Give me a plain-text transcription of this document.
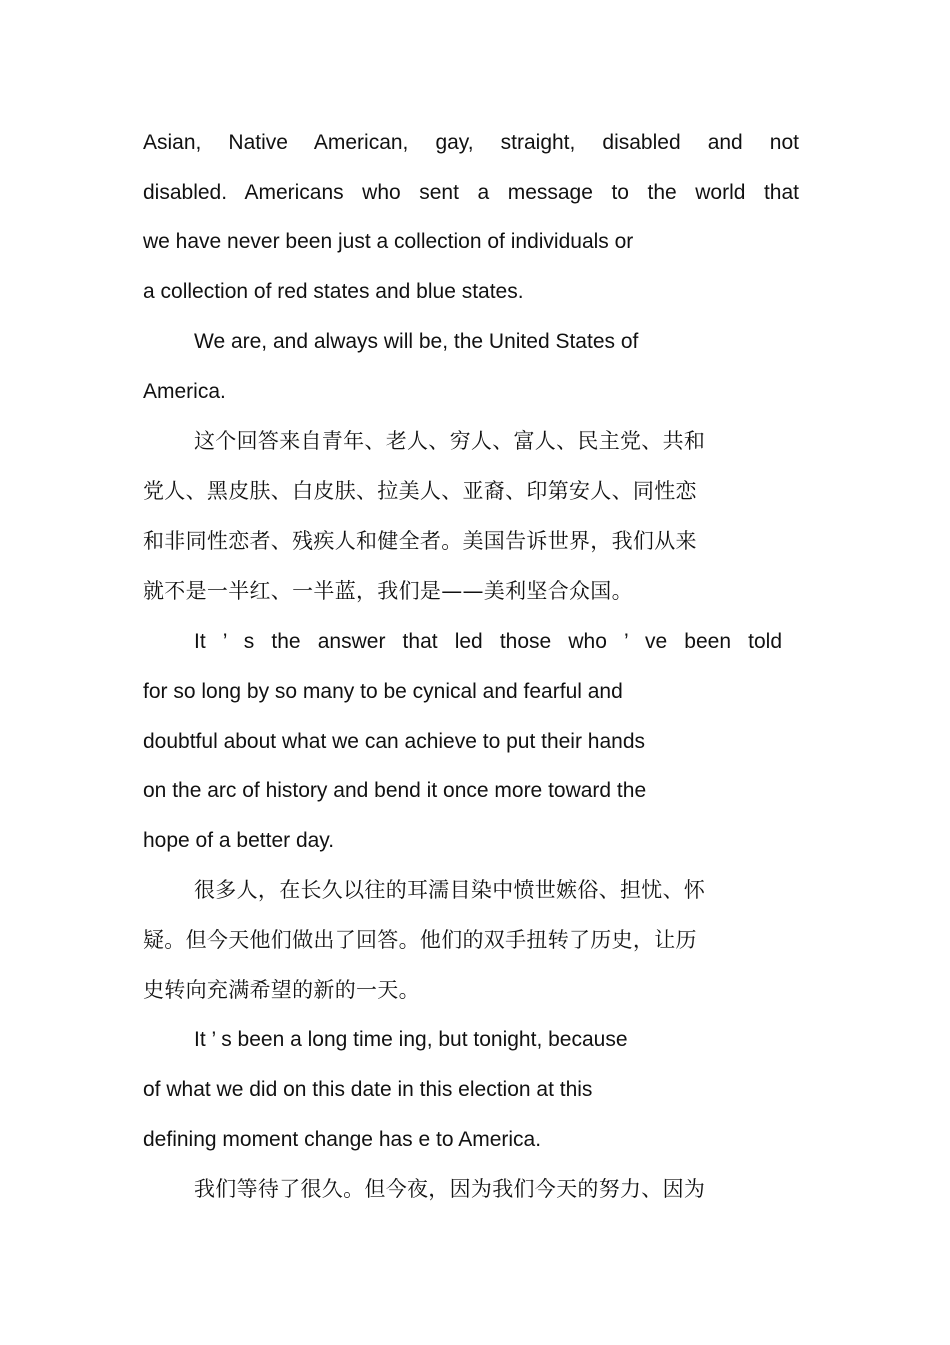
Asian, Native American, gay, straight, disabled and not
disabled. Americans who sent a message to the world that
we have never been just a collection of individuals or
a collection of red states and blue states.
We are, and always will be, the United States of
America.
这个回答来自青年、老人、穷人、富人、民主党、共和
党人、黑皮肤、白皮肤、拉美人、亚裔、印第安人、同性恋
和非同性恋者、残疾人和健全者。美国告诉世界，我们从来
就不是一半红、一半蓝，我们是——美利坚合众国。
It ’ s the answer that led those who ’ ve been told
for so long by so many to be cynical and fearful and
doubtful about what we can achieve to put their hands
on the arc of history and bend it once more toward the
hope of a better day.
很多人，在长久以往的耳濡目染中愤世嫉俗、担忧、怀
疑。但今天他们做出了回答。他们的双手扭转了历史，让历
史转向充满希望的新的一天。
It ’ s been a long time ing, but tonight, because
of what we did on this date in this election at this
defining moment change has e to America.
我们等待了很久。但今夜，因为我们今天的努力、因为
